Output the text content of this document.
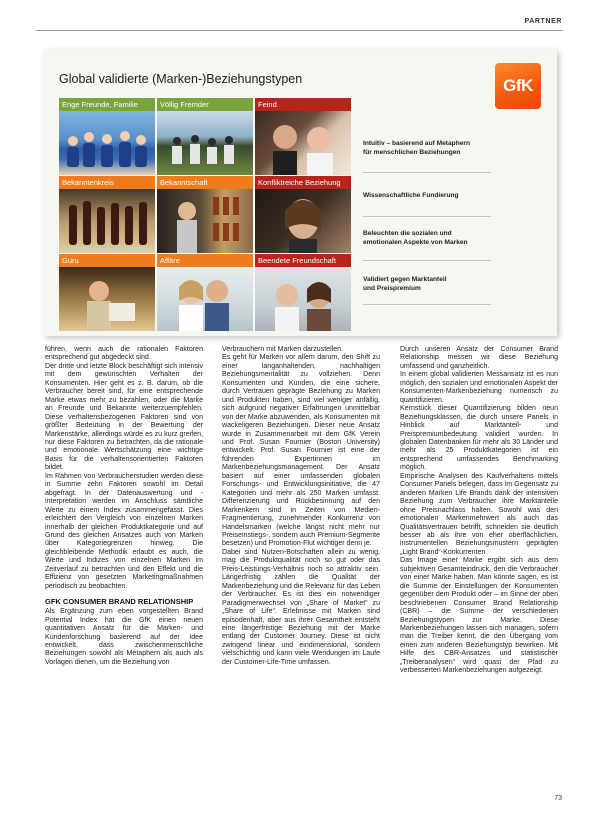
PARTNER
Global validierte (Marken-)Beziehungstypen	GfK
Enge Freunde, Familie	Völlig Fremder	Feind
Bekanntenkreis	Bekanntschaft	Konfliktreiche Beziehung
Guru	Affäre	Beendete Freundschaft
Intuitiv – basierend auf Metaphern
für menschlichen Beziehungen
Wissenschaftliche Fundierung
Beleuchten die sozialen und
emotionalen Aspekte von Marken
Validiert gegen Marktanteil
und Preispremium

führen, wenn auch die rationalen Faktoren entsprechend gut abgedeckt sind.

Der dritte und letzte Block beschäftigt sich intensiv mit dem gewünschten Verhalten der Konsumenten. Hier geht es z. B. darum, ob die Verbraucher bereit sind, für eine entsprechende Marke etwas mehr zu bezahlen, oder die Marke an Freunde und Bekannte weiterzuempfehlen. Diese verhaltensbezogenen Faktoren sind von größter Bedeutung in der Bewertung der Markenstärke, allerdings würde es zu kurz greifen, nur diese Faktoren zu betrachten, da die rationale und emotionale Wertschätzung eine wichtige Basis für die verhaltensorientierten Faktoren bildet.

Im Rahmen von Verbraucherstudien werden diese in Summe zehn Faktoren sowohl im Detail abgefragt. In der Datenauswertung und -interpretation werden im Anschluss sämtliche Werte zu einem Index zusammengefasst. Dies erleichtert den Vergleich von einzelnen Marken innerhalb der gleichen Produktkategorie und auf Grund des gleichen Ansatzes auch von Marken über Kategoriegrenzen hinweg. Die gleichbleibende Methodik erlaubt es auch, die Werte und Indizes von einzelnen Marken im Zeitverlauf zu betrachten und den Effekt und die Effizienz von gesetzten Marketingmaßnahmen periodisch zu beobachten.

GFK CONSUMER BRAND RELATIONSHIP

Als Ergänzung zum eben vorgestellten Brand Potential Index hat die GfK einen neuen quantitativen Ansatz für die Marken- und Kundenforschung basierend auf der Idee entwickelt, dass zwischenmenschliche Beziehungen sowohl als Metaphern als auch als Vorlagen dienen, um die Beziehung von

Verbrauchern mit Marken darzustellen.

Es geht für Marken vor allem darum, den Shift zu einer langanhaltenden, nachhaltigen Beziehungsmentalität zu vollziehen. Denn Konsumenten und Kunden, die eine sichere, durch Vertrauen geprägte Beziehung zu Marken und Produkten haben, sind viel weniger anfällig, sich aufgrund negativer Erfahrungen unmittelbar von der Marke abzuwenden, als Konsumenten mit wackeligeren Beziehungen. Dieser neue Ansatz wurde in Zusammenarbeit mit dem GfK Verein und Prof. Susan Fournier (Boston University) entwickelt. Prof. Susan Fournier ist eine der führenden Expertinnen im Markenbeziehungsmanagement. Der Ansatz basiert auf einer umfassenden globalen Forschungs- und Entwicklungsinitiative, die 47 Kategorien und mehr als 250 Marken umfasst. Differenzierung und Rückbesinnung auf den Markenkern sind in Zeiten von Medien-Fragmentierung, zunehmender Konkurrenz von Handelsmarken (welche längst nicht mehr nur Preiseinstiegs-, sondern auch Premium-Segmente besetzen) und Promotion-Flut wichtiger denn je.

Dabei sind Nutzen-Botschaften allein zu wenig, mag die Produktqualität noch so gut oder das Preis-Leistungs-Verhältnis noch so attraktiv sein. Längerfristig zählen die Qualität der Markenbeziehung und die Relevanz für das Leben der Verbraucher. Es ist dies ein notwendiger Paradigmenwechsel von „Share of Market“ zu „Share of Life“. Erlebnisse mit Marken sind episodenhaft, aber aus ihrer Gesamtheit entsteht eine längerfristige Beziehung mit der Marke entlang der Customer Journey. Diese ist nicht zwingend linear und eindimensional, sondern vielschichtig und kann viele Wendungen im Laufe der Customer-Life-Time umfassen.

Durch unseren Ansatz der Consumer Brand Relationship messen wir diese Beziehung umfassend und ganzheitlich.

In einem global validierten Messansatz ist es nun möglich, den sozialen und emotionalen Aspekt der Konsumenten-Markenbeziehung numerisch zu quantifizieren.

Kernstück dieser Quantifizierung bilden neun Beziehungsklassen, die durch unsere Panels in Hinblick auf Marktanteil- und Preispremiumbedeutung validiert wurden. In globalen Datenbanken für mehr als 30 Länder und mehr als 25 Produktkategorien ist ein entsprechend umfassendes Benchmarking möglich.

Empirische Analysen des Kaufverhaltens mittels Consumer Panels belegen, dass im Gegensatz zu anderen Marken Life Brands dank der intensiven Beziehung zum Verbraucher ihre Marktanteile ohne Preisnachlass halten. Sowohl was den emotionalen Markenmehrwert als auch das Qualitätsvertrauen betrifft, schneiden sie deutlich besser ab als ihre von eher oberflächlichen, instrumentellen Beziehungsmustern geprägten „Light Brand“-Konkurrenten.

Das Image einer Marke ergibt sich aus dem subjektiven Gesamteindruck, den die Verbraucher von einer Marke haben. Man könnte sagen, es ist die Summe der Einstellungen der Konsumenten gegenüber dem Produkt oder – im Sinne der oben beschriebenen Consumer Brand Relationship (CBR) – die Summe der verschiedenen Beziehungstypen zur Marke. Diese Markenbeziehungen lassen sich managen, sofern man die Treiber kennt, die den Übergang vom einen zum anderen Beziehungstyp bewirken. Mit Hilfe des CBR-Ansatzes und statistischer „Treiberanalysen“ wird quasi der Pfad zu verbesserten Markenbeziehungen aufgezeigt.

73
